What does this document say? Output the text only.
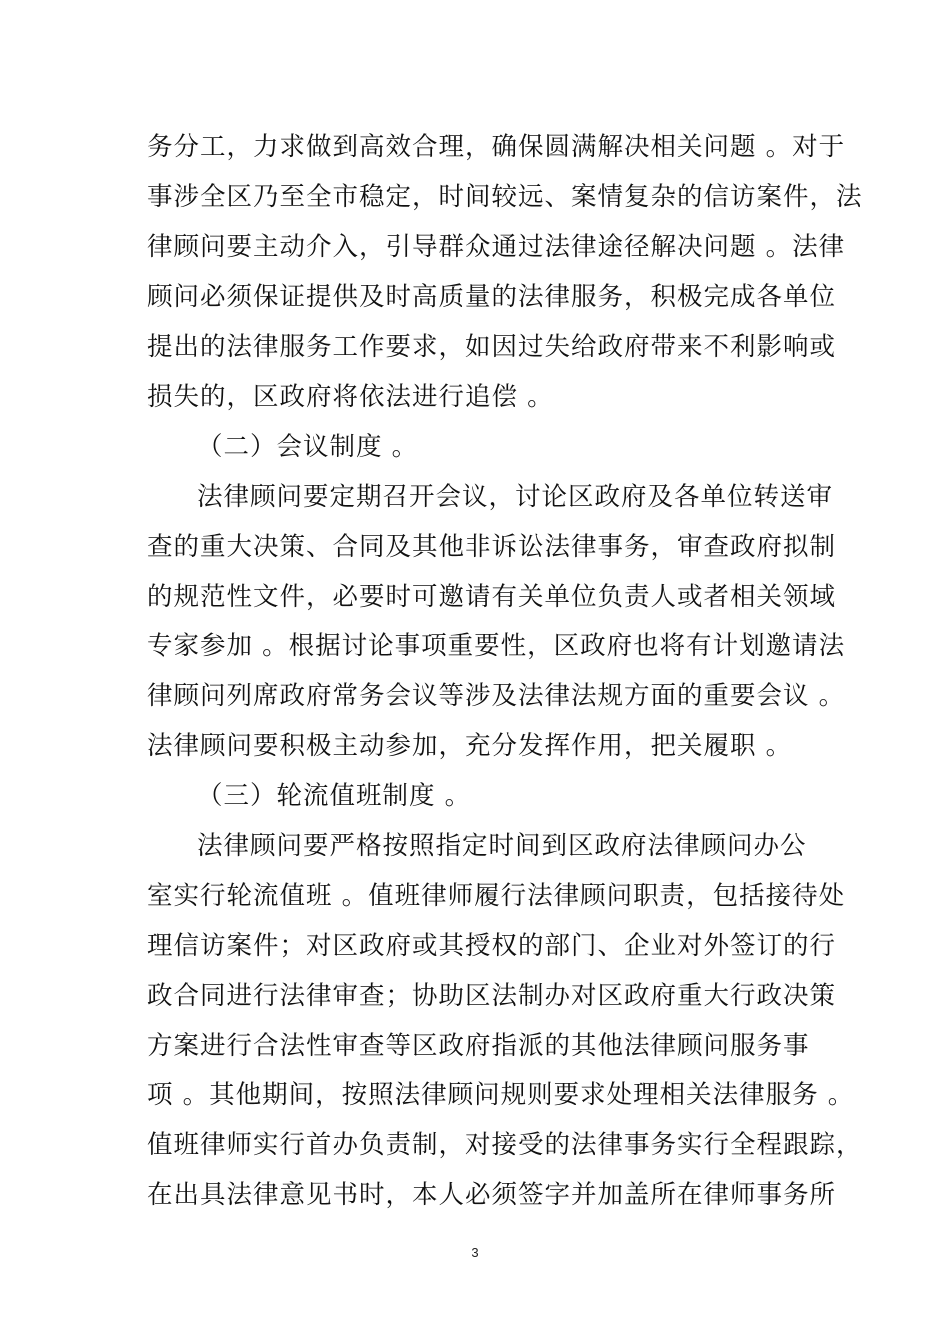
务分工，力求做到高效合理，确保圆满解决相关问题 。对于
事涉全区乃至全市稳定，时间较远、案情复杂的信访案件，法
律顾问要主动介入，引导群众通过法律途径解决问题 。法律
顾问必须保证提供及时高质量的法律服务，积极完成各单位
提出的法律服务工作要求，如因过失给政府带来不利影响或
损失的，区政府将依法进行追偿 。
（二）会议制度 。
法律顾问要定期召开会议，讨论区政府及各单位转送审
查的重大决策、合同及其他非诉讼法律事务，审查政府拟制
的规范性文件，必要时可邀请有关单位负责人或者相关领域
专家参加 。根据讨论事项重要性，区政府也将有计划邀请法
律顾问列席政府常务会议等涉及法律法规方面的重要会议 。
法律顾问要积极主动参加，充分发挥作用，把关履职 。
（三）轮流值班制度 。
法律顾问要严格按照指定时间到区政府法律顾问办公
室实行轮流值班 。值班律师履行法律顾问职责，包括接待处
理信访案件；对区政府或其授权的部门、企业对外签订的行
政合同进行法律审查；协助区法制办对区政府重大行政决策
方案进行合法性审查等区政府指派的其他法律顾问服务事
项 。其他期间，按照法律顾问规则要求处理相关法律服务 。
值班律师实行首办负责制，对接受的法律事务实行全程跟踪，
在出具法律意见书时，本人必须签字并加盖所在律师事务所
3
